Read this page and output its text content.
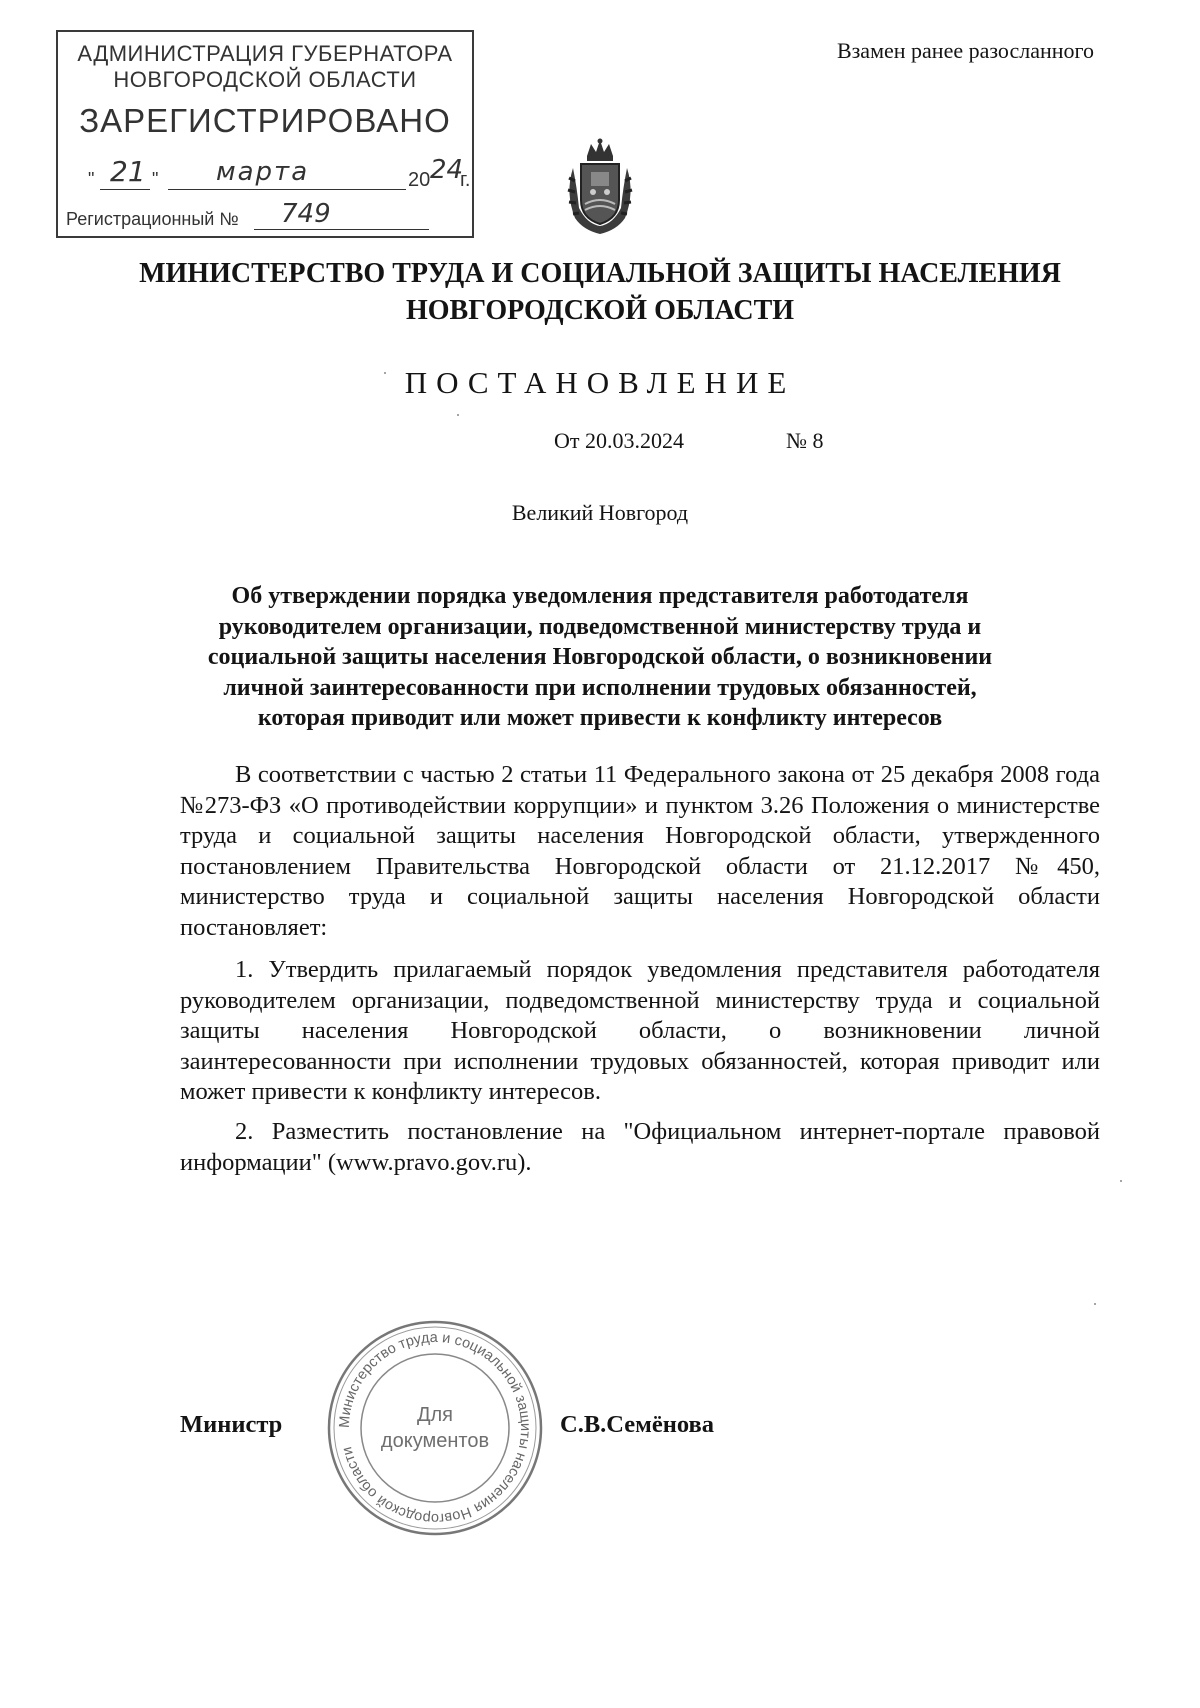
АДМИНИСТРАЦИЯ ГУБЕРНАТОРА
НОВГОРОДСКОЙ ОБЛАСТИ
ЗАРЕГИСТРИРОВАНО
" 21 " марта	20 24
г.
Регистрационный № 749
Взамен ранее разосланного
МИНИСТЕРСТВО ТРУДА И СОЦИАЛЬНОЙ ЗАЩИТЫ НАСЕЛЕНИЯ
НОВГОРОДСКОЙ ОБЛАСТИ
ПОСТАНОВЛЕНИЕ
От 20.03.2024	№ 8
Великий Новгород
Об утверждении порядка уведомления представителя работодателя
руководителем организации, подведомственной министерству труда и
социальной защиты населения Новгородской области, о возникновении
личной заинтересованности при исполнении трудовых обязанностей,
которая приводит или может привести к конфликту интересов

В соответствии с частью 2 статьи 11 Федерального закона от 25 декабря 2008 года №273-ФЗ «О противодействии коррупции» и пунктом 3.26 Положения о министерстве труда и социальной защиты населения Новгородской области, утвержденного постановлением Правительства Новгородской области от 21.12.2017 №450, министерство труда и социальной защиты населения Новгородской области постановляет:

1. Утвердить прилагаемый порядок уведомления представителя работодателя руководителем организации, подведомственной министерству труда и социальной защиты населения Новгородской области, о возникновении личной заинтересованности при исполнении трудовых обязанностей, которая приводит или может привести к конфликту интересов.

2. Разместить постановление на "Официальном интернет-портале правовой информации" (www.pravo.gov.ru).

Министр	Министерство труда и социальной защиты населения Новгородской области
Для
документов
С.В.Семёнова
